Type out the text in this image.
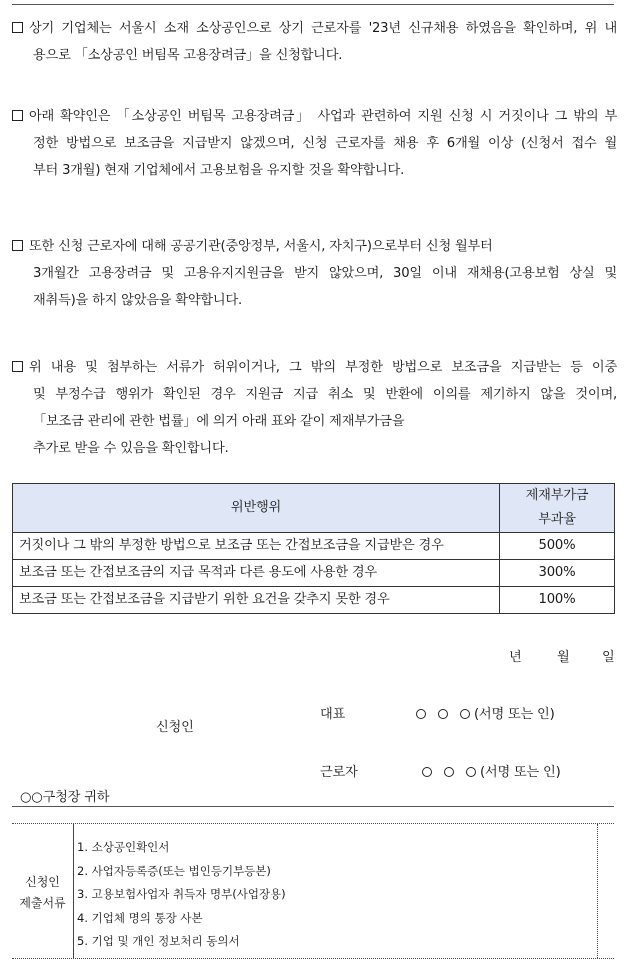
상기 기업체는 서울시 소재 소상공인으로 상기 근로자를 '23년 신규채용 하였음을 확인하며, 위 내
용으로 「소상공인 버팀목 고용장려금」을 신청합니다.
아래 확약인은 「소상공인 버팀목 고용장려금」 사업과 관련하여 지원 신청 시 거짓이나 그 밖의 부
정한 방법으로 보조금을 지급받지 않겠으며, 신청 근로자를 채용 후 6개월 이상 (신청서 접수 월
부터 3개월) 현재 기업체에서 고용보험을 유지할 것을 확약합니다.
또한 신청 근로자에 대해 공공기관(중앙정부, 서울시, 자치구)으로부터 신청 월부터
3개월간 고용장려금 및 고용유지지원금을 받지 않았으며, 30일 이내 재채용(고용보험 상실 및
재취득)을 하지 않았음을 확약합니다.
위 내용 및 첨부하는 서류가 허위이거나, 그 밖의 부정한 방법으로 보조금을 지급받는 등 이중
및 부정수급 행위가 확인된 경우 지원금 지급 취소 및 반환에 이의를 제기하지 않을 것이며,
「보조금 관리에 관한 법률」에 의거 아래 표와 같이 제재부가금을
추가로 받을 수 있음을 확인합니다.
위반행위	제재부가금
부과율
거짓이나 그 밖의 부정한 방법으로 보조금 또는 간접보조금을 지급받은 경우	500%
보조금 또는 간접보조금의 지급 목적과 다른 용도에 사용한 경우	300%
보조금 또는 간접보조금을 지급받기 위한 요건을 갖추지 못한 경우	100%
년	월 일
신청인
대표	(서명 또는 인)
근로자	(서명 또는 인)
○○구청장 귀하
신청인
제출서류
1. 소상공인확인서
2. 사업자등록증(또는 법인등기부등본)
3. 고용보험사업자 취득자 명부(사업장용)
4. 기업체 명의 통장 사본
5. 기업 및 개인 정보처리 동의서
